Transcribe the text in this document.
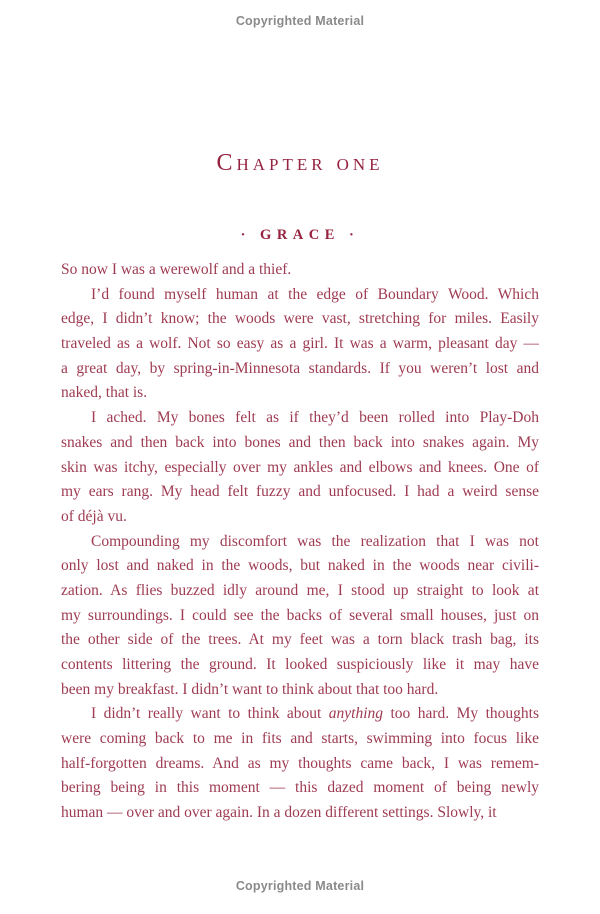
Copyrighted Material
Chapter one
· GRACE ·
So now I was a werewolf and a thief.
I’d found myself human at the edge of Boundary Wood. Which
edge, I didn’t know; the woods were vast, stretching for miles. Easily
traveled as a wolf. Not so easy as a girl. It was a warm, pleasant day —
a great day, by spring-in-Minnesota standards. If you weren’t lost and
naked, that is.
I ached. My bones felt as if they’d been rolled into Play-Doh
snakes and then back into bones and then back into snakes again. My
skin was itchy, especially over my ankles and elbows and knees. One of
my ears rang. My head felt fuzzy and unfocused. I had a weird sense
of déjà vu.
Compounding my discomfort was the realization that I was not
only lost and naked in the woods, but naked in the woods near civili-
zation. As flies buzzed idly around me, I stood up straight to look at
my surroundings. I could see the backs of several small houses, just on
the other side of the trees. At my feet was a torn black trash bag, its
contents littering the ground. It looked suspiciously like it may have
been my breakfast. I didn’t want to think about that too hard.
I didn’t really want to think about anything too hard. My thoughts
were coming back to me in fits and starts, swimming into focus like
half-forgotten dreams. And as my thoughts came back, I was remem-
bering being in this moment — this dazed moment of being newly
human — over and over again. In a dozen different settings. Slowly, it
Copyrighted Material
